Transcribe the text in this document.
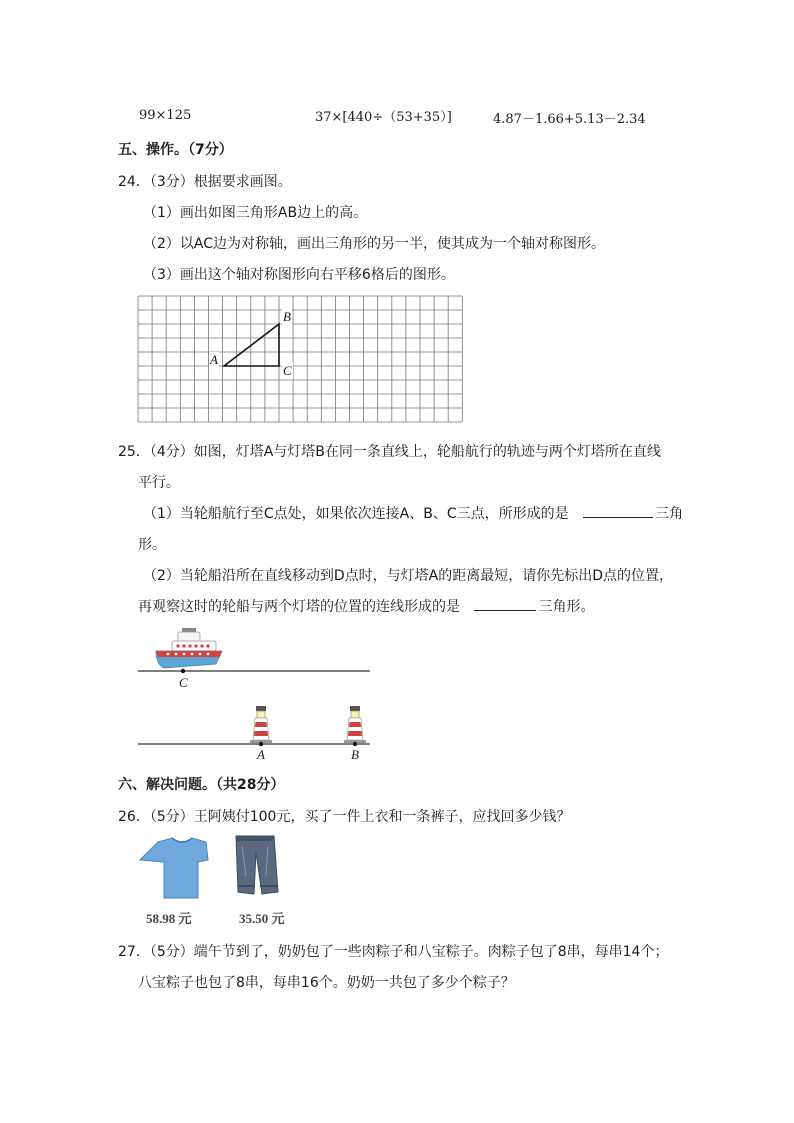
99×125	37×[440÷（53+35）]	4.87－1.66+5.13－2.34
五、操作。（7分）
24．（3分）根据要求画图。
（1）画出如图三角形AB边上的高。
（2）以AC边为对称轴，画出三角形的另一半，使其成为一个轴对称图形。
（3）画出这个轴对称图形向右平移6格后的图形。
A
B
C
25．（4分）如图，灯塔A与灯塔B在同一条直线上，轮船航行的轨迹与两个灯塔所在直线
平行。
（1）当轮船航行至C点处，如果依次连接A、B、C三点，所形成的是	三角
形。
（2）当轮船沿所在直线移动到D点时，与灯塔A的距离最短，请你先标出D点的位置，
再观察这时的轮船与两个灯塔的位置的连线形成的是	三角形。
C
A	B
六、解决问题。（共28分）
26．（5分）王阿姨付100元，买了一件上衣和一条裤子，应找回多少钱？
58.98 元	35.50 元
27．（5分）端午节到了，奶奶包了一些肉粽子和八宝粽子。肉粽子包了8串，每串14个；
八宝粽子也包了8串，每串16个。奶奶一共包了多少个粽子？
